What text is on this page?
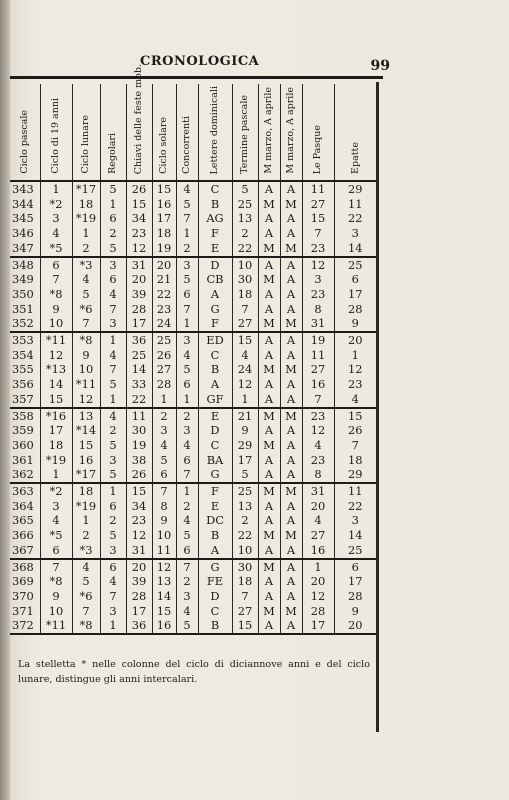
CRONOLOGICA	99
Ciclo pascale	Ciclo di 19 anni	Ciclo lunare	Regolari	Chiavi delle feste mob.	Ciclo solare	Concorrenti	Lettere dominicali	Termine pascale	M marzo, A aprile	M marzo, A aprile	Le Pasque	Epatte

343	1	*17	5	26	15	4	C	5	A	A	11	29
344	*2	18	1	15	16	5	B	25	M	M	27	11
345	3	*19	6	34	17	7	AG	13	A	A	15	22
346	4	1	2	23	18	1	F	2	A	A	7	3
347	*5	2	5	12	19	2	E	22	M	M	23	14
348	6	*3	3	31	20	3	D	10	A	A	12	25
349	7	4	6	20	21	5	CB	30	M	A	3	6
350	*8	5	4	39	22	6	A	18	A	A	23	17
351	9	*6	7	28	23	7	G	7	A	A	8	28
352	10	7	3	17	24	1	F	27	M	M	31	9
353	*11	*8	1	36	25	3	ED	15	A	A	19	20
354	12	9	4	25	26	4	C	4	A	A	11	1
355	*13	10	7	14	27	5	B	24	M	M	27	12
356	14	*11	5	33	28	6	A	12	A	A	16	23
357	15	12	1	22	1	1	GF	1	A	A	7	4
358	*16	13	4	11	2	2	E	21	M	M	23	15
359	17	*14	2	30	3	3	D	9	A	A	12	26
360	18	15	5	19	4	4	C	29	M	A	4	7
361	*19	16	3	38	5	6	BA	17	A	A	23	18
362	1	*17	5	26	6	7	G	5	A	A	8	29
363	*2	18	1	15	7	1	F	25	M	M	31	11
364	3	*19	6	34	8	2	E	13	A	A	20	22
365	4	1	2	23	9	4	DC	2	A	A	4	3
366	*5	2	5	12	10	5	B	22	M	M	27	14
367	6	*3	3	31	11	6	A	10	A	A	16	25
368	7	4	6	20	12	7	G	30	M	A	1	6
369	*8	5	4	39	13	2	FE	18	A	A	20	17
370	9	*6	7	28	14	3	D	7	A	A	12	28
371	10	7	3	17	15	4	C	27	M	M	28	9
372	*11	*8	1	36	16	5	B	15	A	A	17	20
La stelletta * nelle colonne del ciclo di diciannove anni e del ciclo lunare, distingue gli anni intercalari.
